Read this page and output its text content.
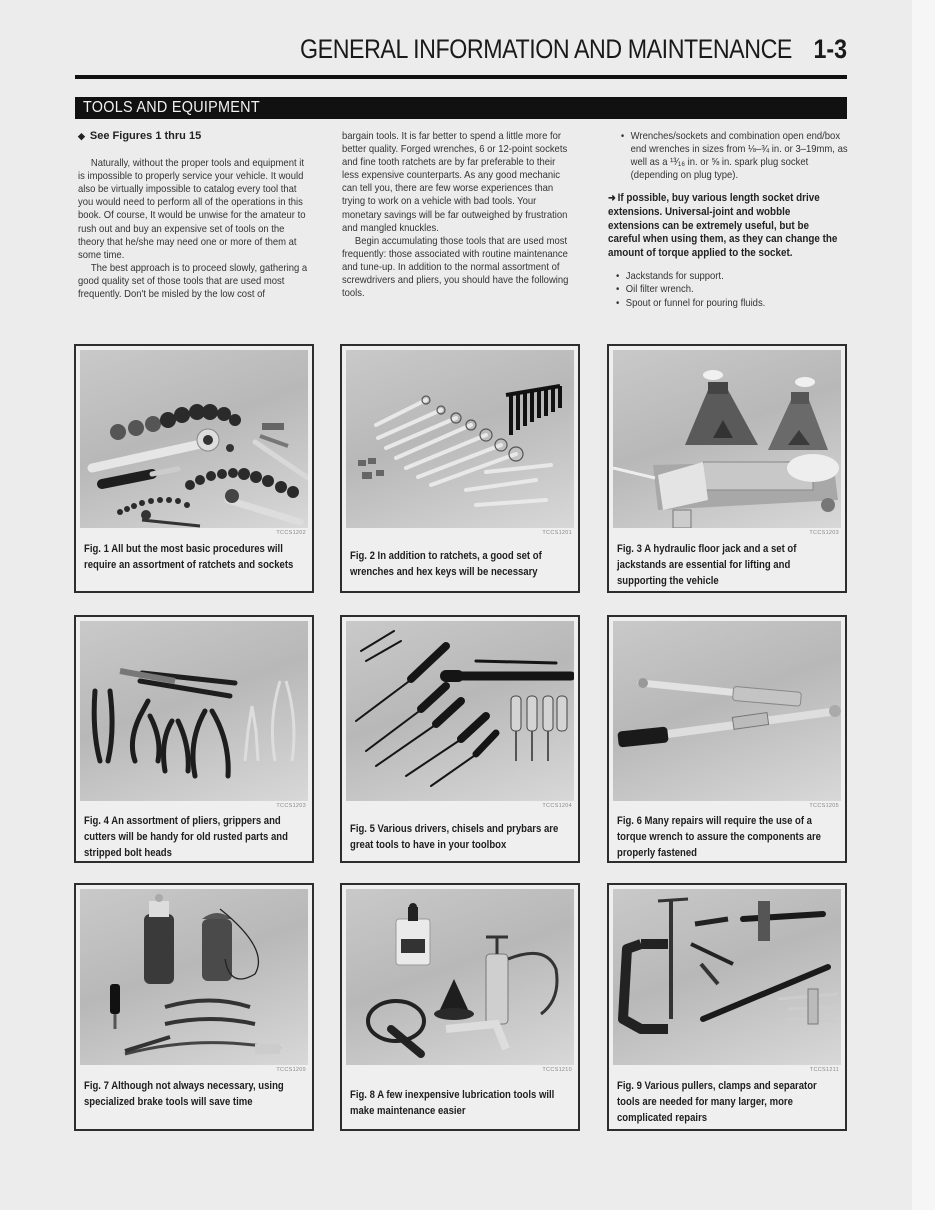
GENERAL INFORMATION AND MAINTENANCE 1-3
TOOLS AND EQUIPMENT
◆ See Figures 1 thru 15

Naturally, without the proper tools and equipment it is impossible to properly service your vehicle. It would also be virtually impossible to catalog every tool that you would need to perform all of the operations in this book. Of course, It would be unwise for the amateur to rush out and buy an expensive set of tools on the theory that he/she may need one or more of them at some time.

The best approach is to proceed slowly, gathering a good quality set of those tools that are used most frequently. Don't be misled by the low cost of

bargain tools. It is far better to spend a little more for better quality. Forged wrenches, 6 or 12-point sockets and fine tooth ratchets are by far preferable to their less expensive counterparts. As any good mechanic can tell you, there are few worse experiences than trying to work on a vehicle with bad tools. Your monetary savings will be far outweighed by frustration and mangled knuckles.

Begin accumulating those tools that are used most frequently: those associated with routine maintenance and tune-up. In addition to the normal assortment of screwdrivers and pliers, you should have the following tools.

• Wrenches/sockets and combination open end/box end wrenches in sizes from ⅛–¾ in. or 3–19mm, as well as a ¹³⁄₁₆ in. or ⅝ in. spark plug socket (depending on plug type).
➜ If possible, buy various length socket drive extensions. Universal-joint and wobble extensions can be extremely useful, but be careful when using them, as they can change the amount of torque applied to the socket.
• Jackstands for support.
• Oil filter wrench.
• Spout or funnel for pouring fluids.
TCCS1202
Fig. 1 All but the most basic procedures will require an assortment of ratchets and sockets
TCCS1201
Fig. 2 In addition to ratchets, a good set of wrenches and hex keys will be necessary
TCCS1203
Fig. 3 A hydraulic floor jack and a set of jackstands are essential for lifting and supporting the vehicle
TCCS1203
Fig. 4 An assortment of pliers, grippers and cutters will be handy for old rusted parts and stripped bolt heads
TCCS1204
Fig. 5 Various drivers, chisels and prybars are great tools to have in your toolbox
TCCS1205
Fig. 6 Many repairs will require the use of a torque wrench to assure the components are properly fastened
TCCS1209
Fig. 7 Although not always necessary, using specialized brake tools will save time
TCCS1210
Fig. 8 A few inexpensive lubrication tools will make maintenance easier
TCCS1211
Fig. 9 Various pullers, clamps and separator tools are needed for many larger, more complicated repairs
